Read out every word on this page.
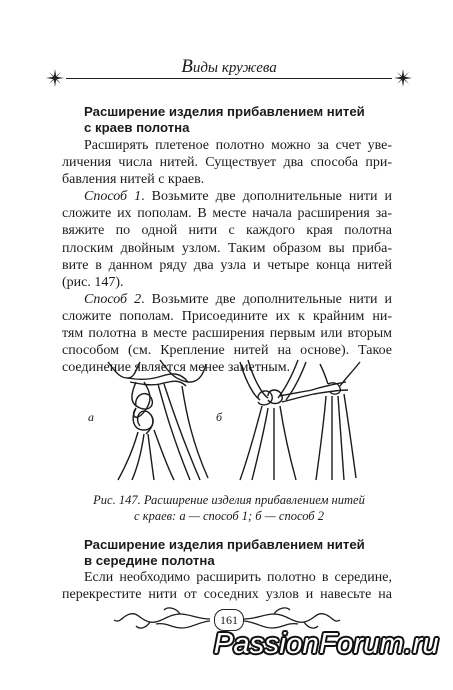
Виды кружева
Расширение изделия прибавлением нитей
с краев полотна
Расширять плетеное полотно можно за счет уве-
личения числа нитей. Существует два способа при-
бавления нитей с краев.
Способ 1. Возьмите две дополнительные нити и
сложите их пополам. В месте начала расширения за-
вяжите по одной нити с каждого края полотна
плоским двойным узлом. Таким образом вы приба-
вите в данном ряду два узла и четыре конца нитей
(рис. 147).
Способ 2. Возьмите две дополнительные нити и
сложите пополам. Присоедините их к крайним ни-
тям полотна в месте расширения первым или вторым
способом (см. Крепление нитей на основе). Такое
соединение является менее заметным.
а	б
Рис. 147. Расширение изделия прибавлением нитей
с краев: а — способ 1; б — способ 2
Расширение изделия прибавлением нитей
в середине полотна
Если необходимо расширить полотно в середине,
перекрестите нити от соседних узлов и навесьте на
161
PassionForum.ru
